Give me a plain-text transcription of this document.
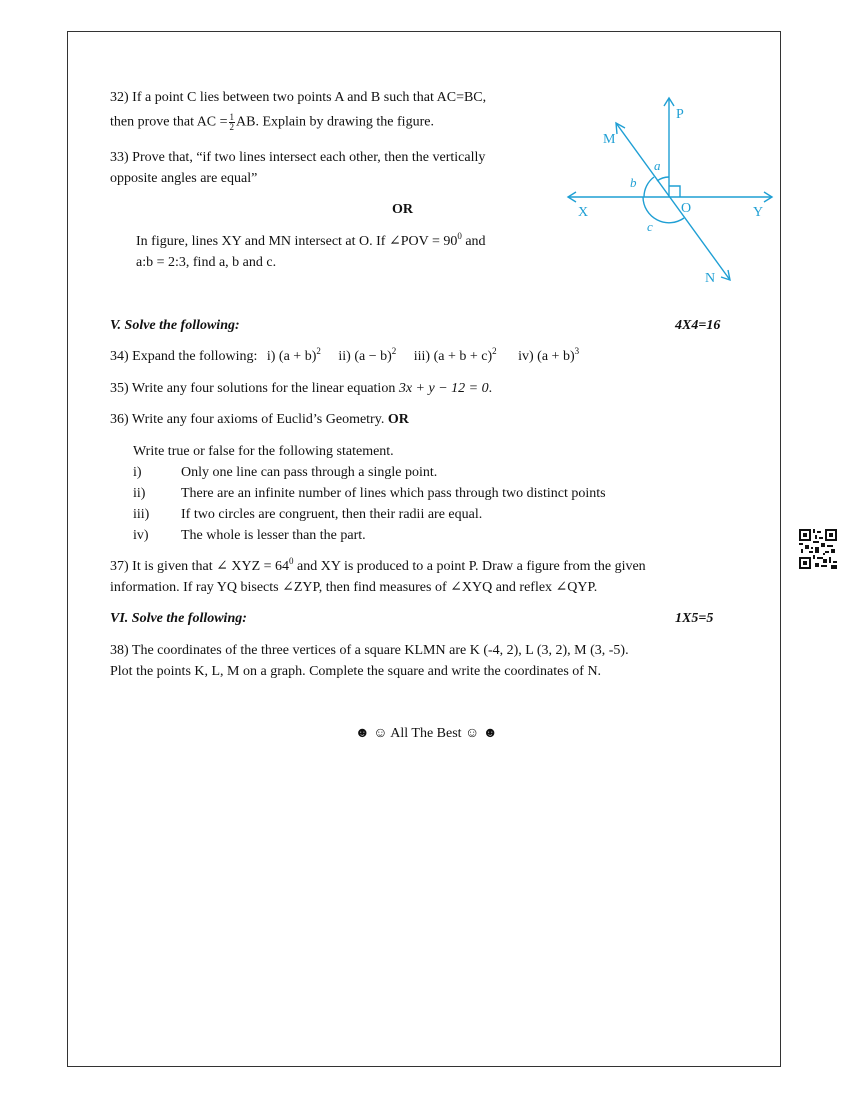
32) If a point C lies between two points A and B such that AC=BC,
then prove that AC = $\frac{1}{2}$ AB. Explain by drawing the figure.
33) Prove that, “if two lines intersect each other, then the vertically
opposite angles are equal”
OR
In figure, lines XY and MN intersect at O. If ∠POV = $90^0$ and
a:b = 2:3, find a, b and c.
P
M
X	O	Y
N
a
b
c
V. Solve the following:	4X4=16
34) Expand the following: i) $(a + b)^2$ ii) $(a - b)^2$ iii) $(a + b + c)^2$ iv) $(a + b)^3$
35) Write any four solutions for the linear equation 3x + y − 12 = 0.
36) Write any four axioms of Euclid’s Geometry. OR
Write true or false for the following statement.
i)	Only one line can pass through a single point.
ii)	There are an infinite number of lines which pass through two distinct points
iii) If two circles are congruent, then their radii are equal.
iv) The whole is lesser than the part.
37) It is given that ∠ XYZ = $64^0$ and XY is produced to a point P. Draw a figure from the given
information. If ray YQ bisects ∠ZYP, then find measures of ∠XYQ and reflex ∠QYP.
VI. Solve the following:	1X5=5
38) The coordinates of the three vertices of a square KLMN are K (-4, 2), L (3, 2), M (3, -5).
Plot the points K, L, M on a graph. Complete the square and write the coordinates of N.
☻ ☺ All The Best ☺ ☻
